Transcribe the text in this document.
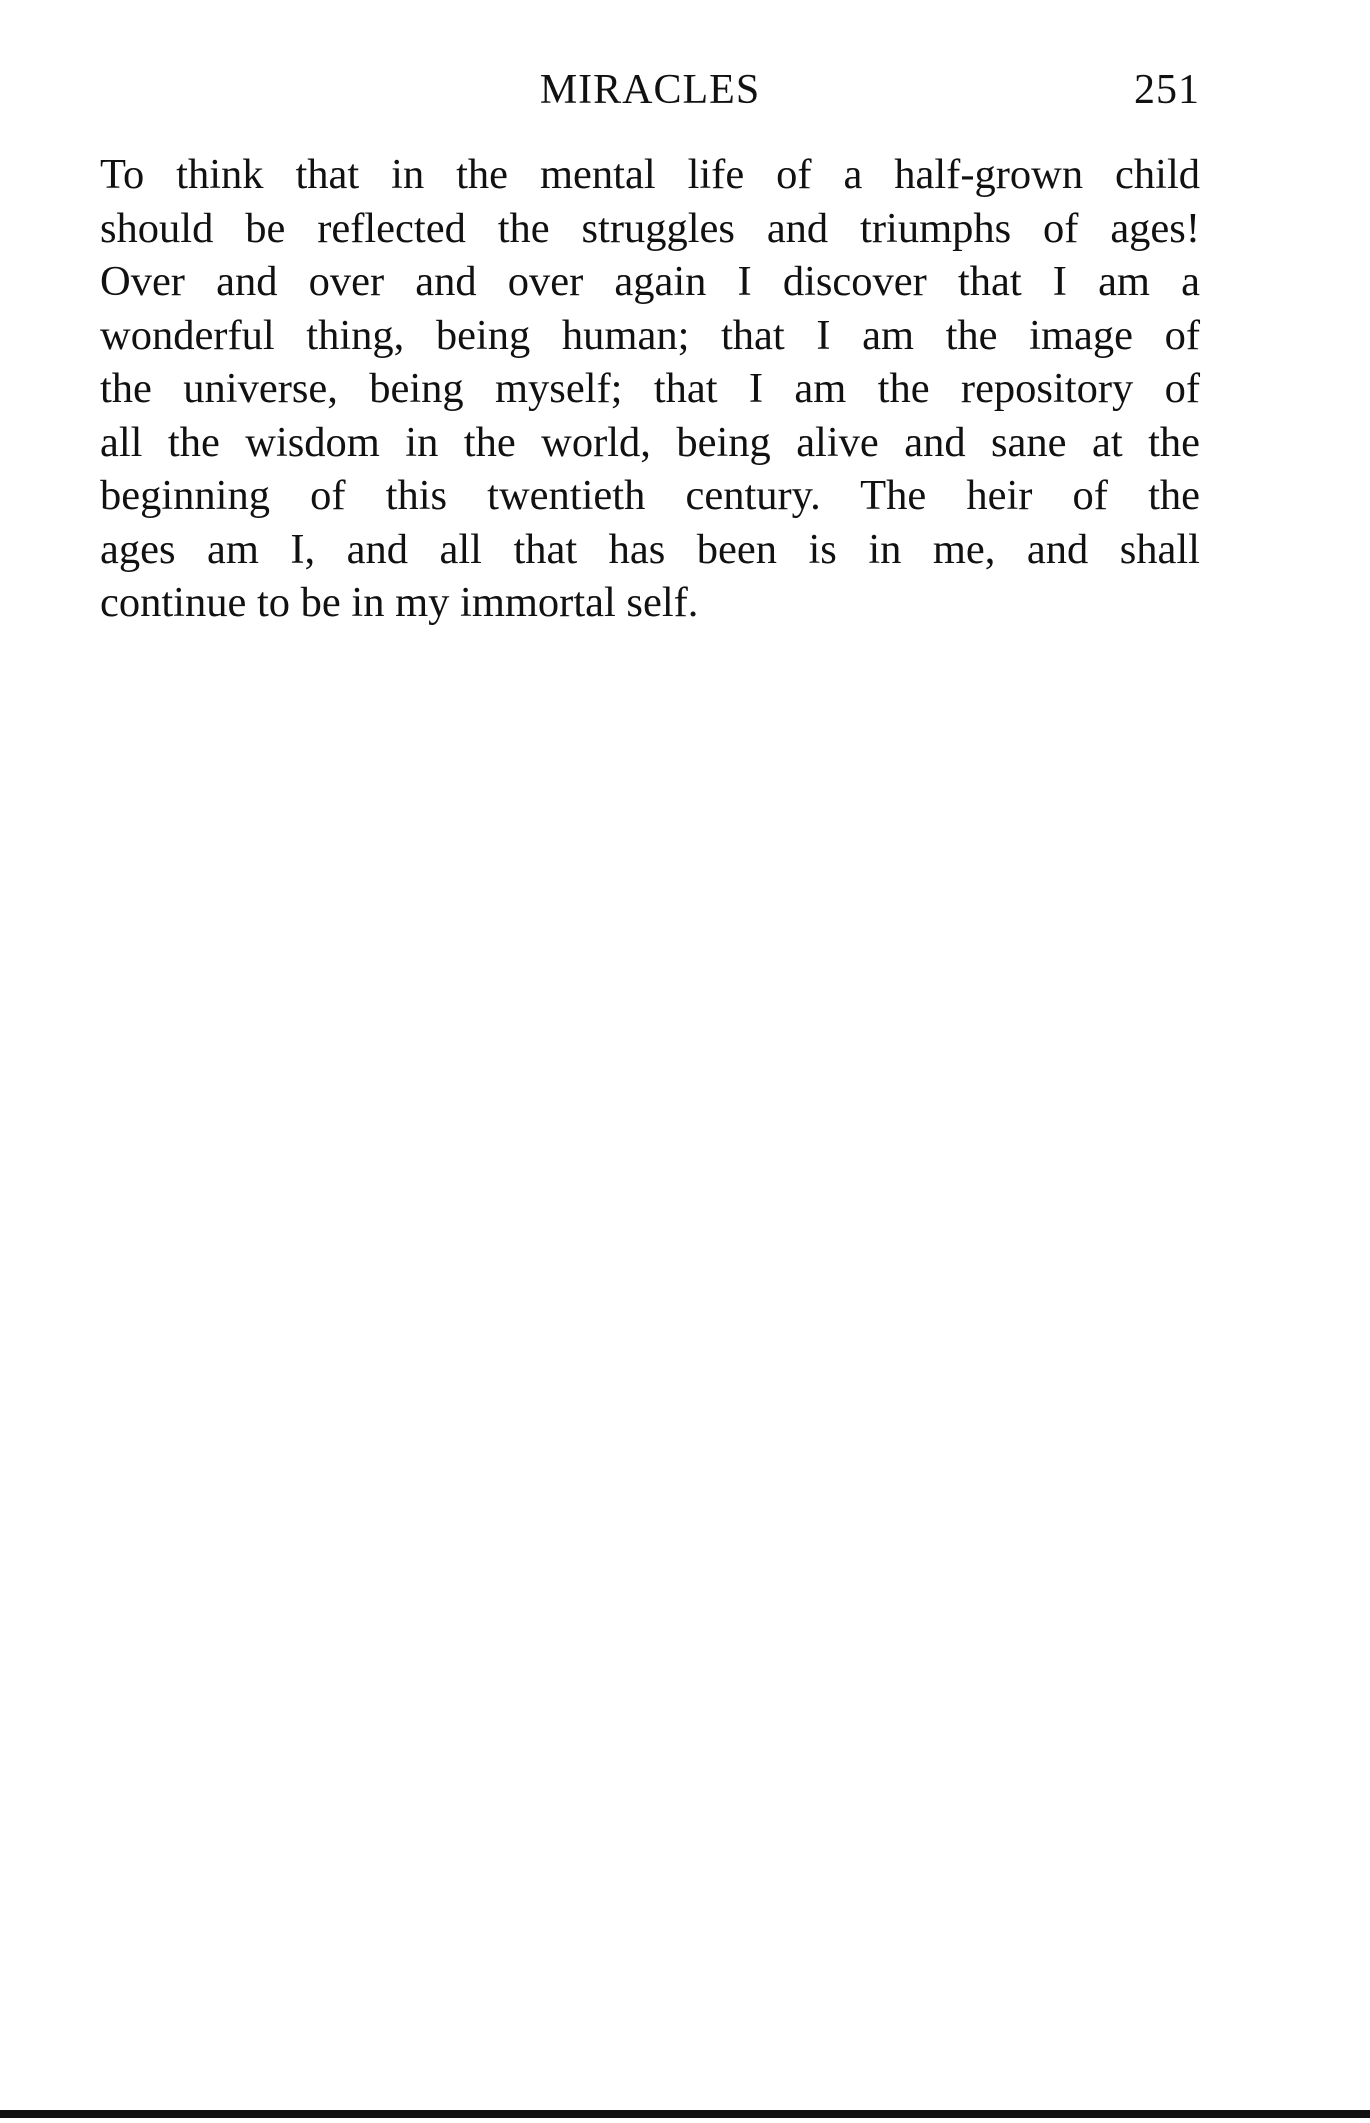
MIRACLES	251

To think that in the mental life of a half-grown child
should be reflected the struggles and triumphs of ages!
Over and over and over again I discover that I am a
wonderful thing, being human; that I am the image of
the universe, being myself; that I am the repository of
all the wisdom in the world, being alive and sane at the
beginning of this twentieth century. The heir of the
ages am I, and all that has been is in me, and shall
continue to be in my immortal self.
